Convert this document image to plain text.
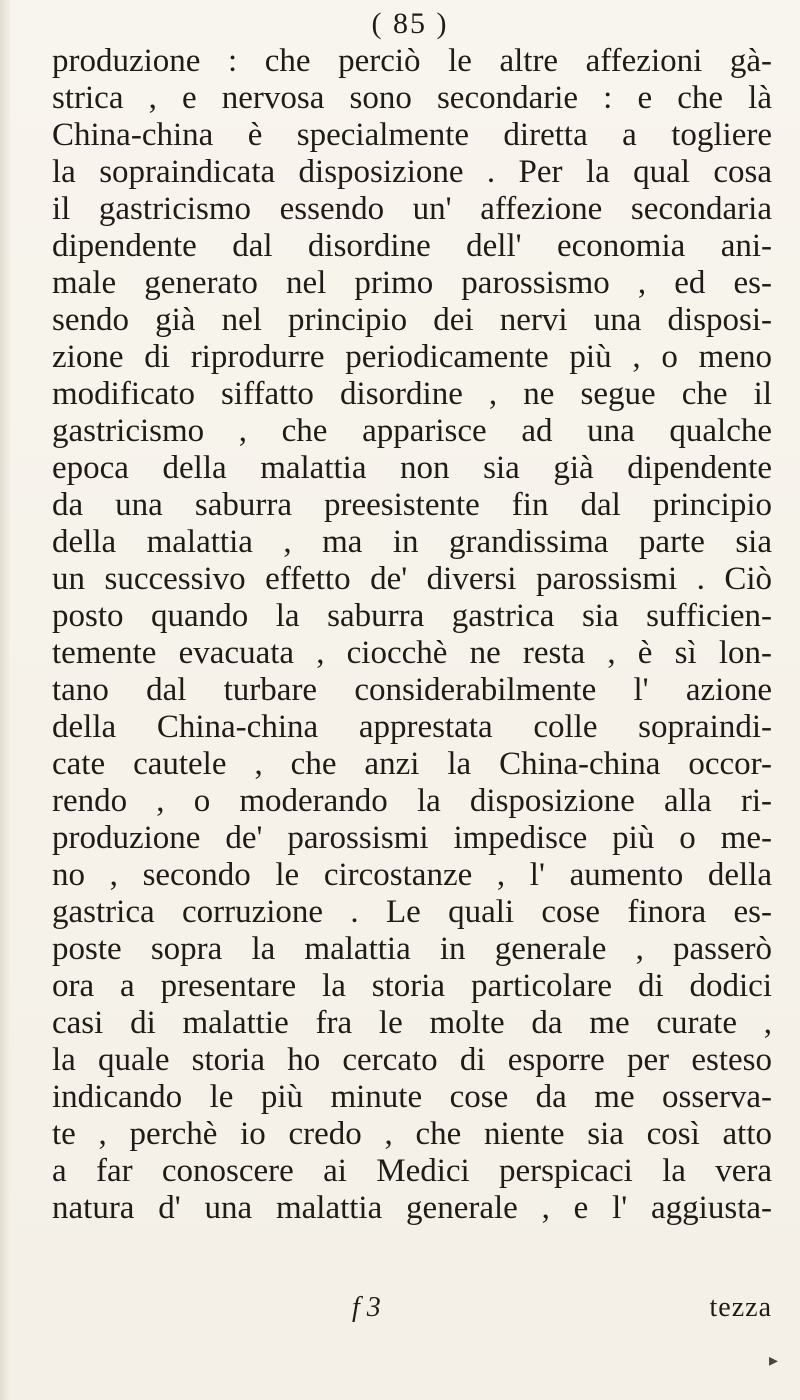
( 85 )
produzione : che perciò le altre affezioni gà-
strica , e nervosa sono secondarie : e che là
China-china è specialmente diretta a togliere
la sopraindicata disposizione . Per la qual cosa
il gastricismo essendo un' affezione secondaria
dipendente dal disordine dell' economia ani-
male generato nel primo parossismo , ed es-
sendo già nel principio dei nervi una disposi-
zione di riprodurre periodicamente più , o meno
modificato siffatto disordine , ne segue che il
gastricismo , che apparisce ad una qualche
epoca della malattia non sia già dipendente
da una saburra preesistente fin dal principio
della malattia , ma in grandissima parte sia
un successivo effetto de' diversi parossismi . Ciò
posto quando la saburra gastrica sia sufficien-
temente evacuata , ciocchè ne resta , è sì lon-
tano dal turbare considerabilmente l' azione
della China-china apprestata colle sopraindi-
cate cautele , che anzi la China-china occor-
rendo , o moderando la disposizione alla ri-
produzione de' parossismi impedisce più o me-
no , secondo le circostanze , l' aumento della
gastrica corruzione . Le quali cose finora es-
poste sopra la malattia in generale , passerò
ora a presentare la storia particolare di dodici
casi di malattie fra le molte da me curate ,
la quale storia ho cercato di esporre per esteso
indicando le più minute cose da me osserva-
te , perchè io credo , che niente sia così atto
a far conoscere ai Medici perspicaci la vera
natura d' una malattia generale , e l' aggiusta-
f 3	tezza
▸
